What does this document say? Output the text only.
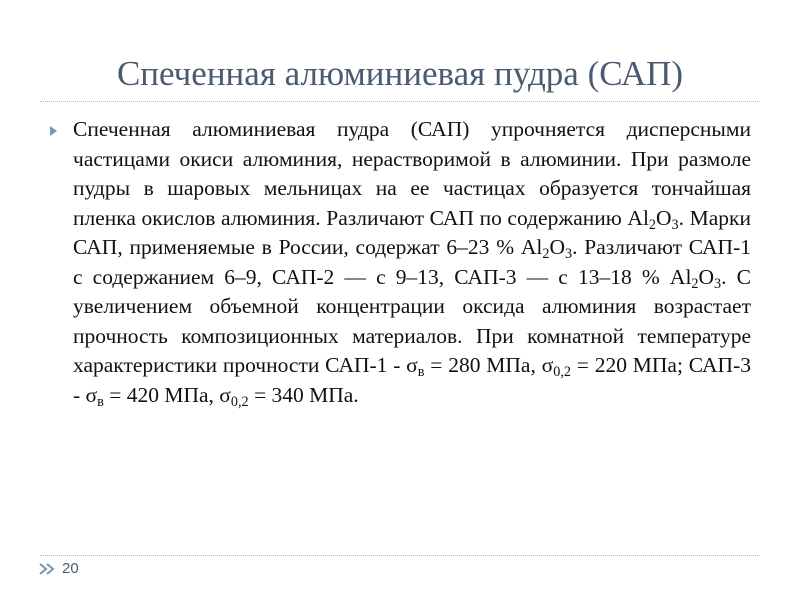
Спеченная алюминиевая пудра (САП)

Спеченная алюминиевая пудра (САП) упрочняется дисперсными частицами окиси алюминия, нерастворимой в алюминии. При размоле пудры в шаровых мельницах на ее частицах образуется тончайшая пленка окислов алюминия. Различают САП по содержанию $Al_2O_3$. Марки САП, применяемые в России, содержат 6–23 % $Al_2O_3$. Различают САП-1 с содержанием 6–9, САП-2 — с 9–13, САП-3 — с 13–18 % $Al_2O_3$. С увеличением объемной концентрации оксида алюминия возрастает прочность композиционных материалов. При комнатной температуре характеристики прочности $САП-1 - \sigma_в = 280$ МПа, $\sigma_{0,2} = 220$ МПа; $САП-3 - \sigma_в = 420$ МПа, $\sigma_{0,2} = 340$ МПа.

20
